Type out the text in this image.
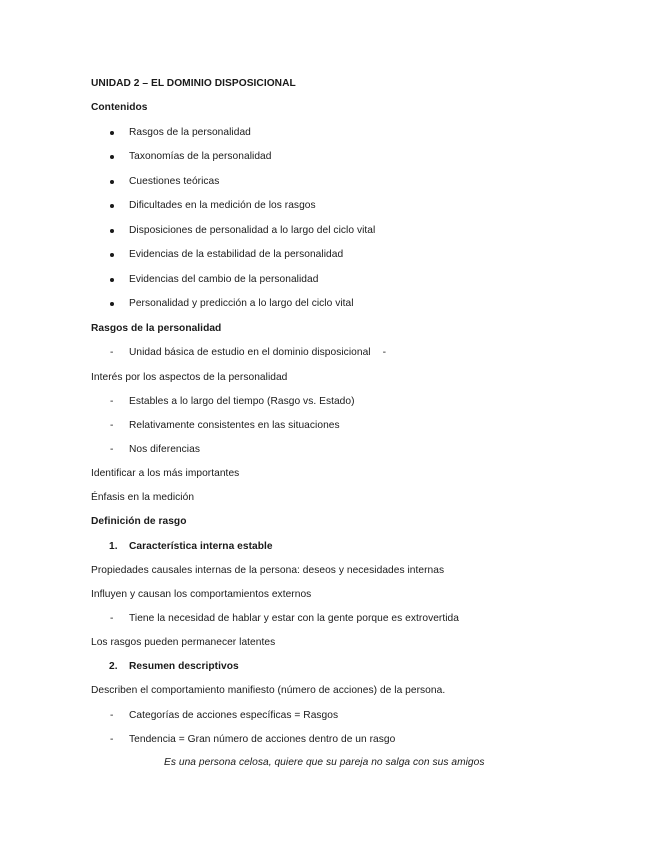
UNIDAD 2 – EL DOMINIO DISPOSICIONAL

Contenidos

Rasgos de la personalidad
Taxonomías de la personalidad
Cuestiones teóricas
Dificultades en la medición de los rasgos
Disposiciones de personalidad a lo largo del ciclo vital
Evidencias de la estabilidad de la personalidad
Evidencias del cambio de la personalidad
Personalidad y predicción a lo largo del ciclo vital

Rasgos de la personalidad

- Unidad básica de estudio en el dominio disposicional -

Interés por los aspectos de la personalidad

- Estables a lo largo del tiempo (Rasgo vs. Estado)
- Relativamente consistentes en las situaciones
- Nos diferencias

Identificar a los más importantes

Énfasis en la medición

Definición de rasgo

1. Característica interna estable

Propiedades causales internas de la persona: deseos y necesidades internas

Influyen y causan los comportamientos externos

- Tiene la necesidad de hablar y estar con la gente porque es extrovertida

Los rasgos pueden permanecer latentes

2. Resumen descriptivos

Describen el comportamiento manifiesto (número de acciones) de la persona.

- Categorías de acciones específicas = Rasgos
- Tendencia = Gran número de acciones dentro de un rasgo

Es una persona celosa, quiere que su pareja no salga con sus amigos
